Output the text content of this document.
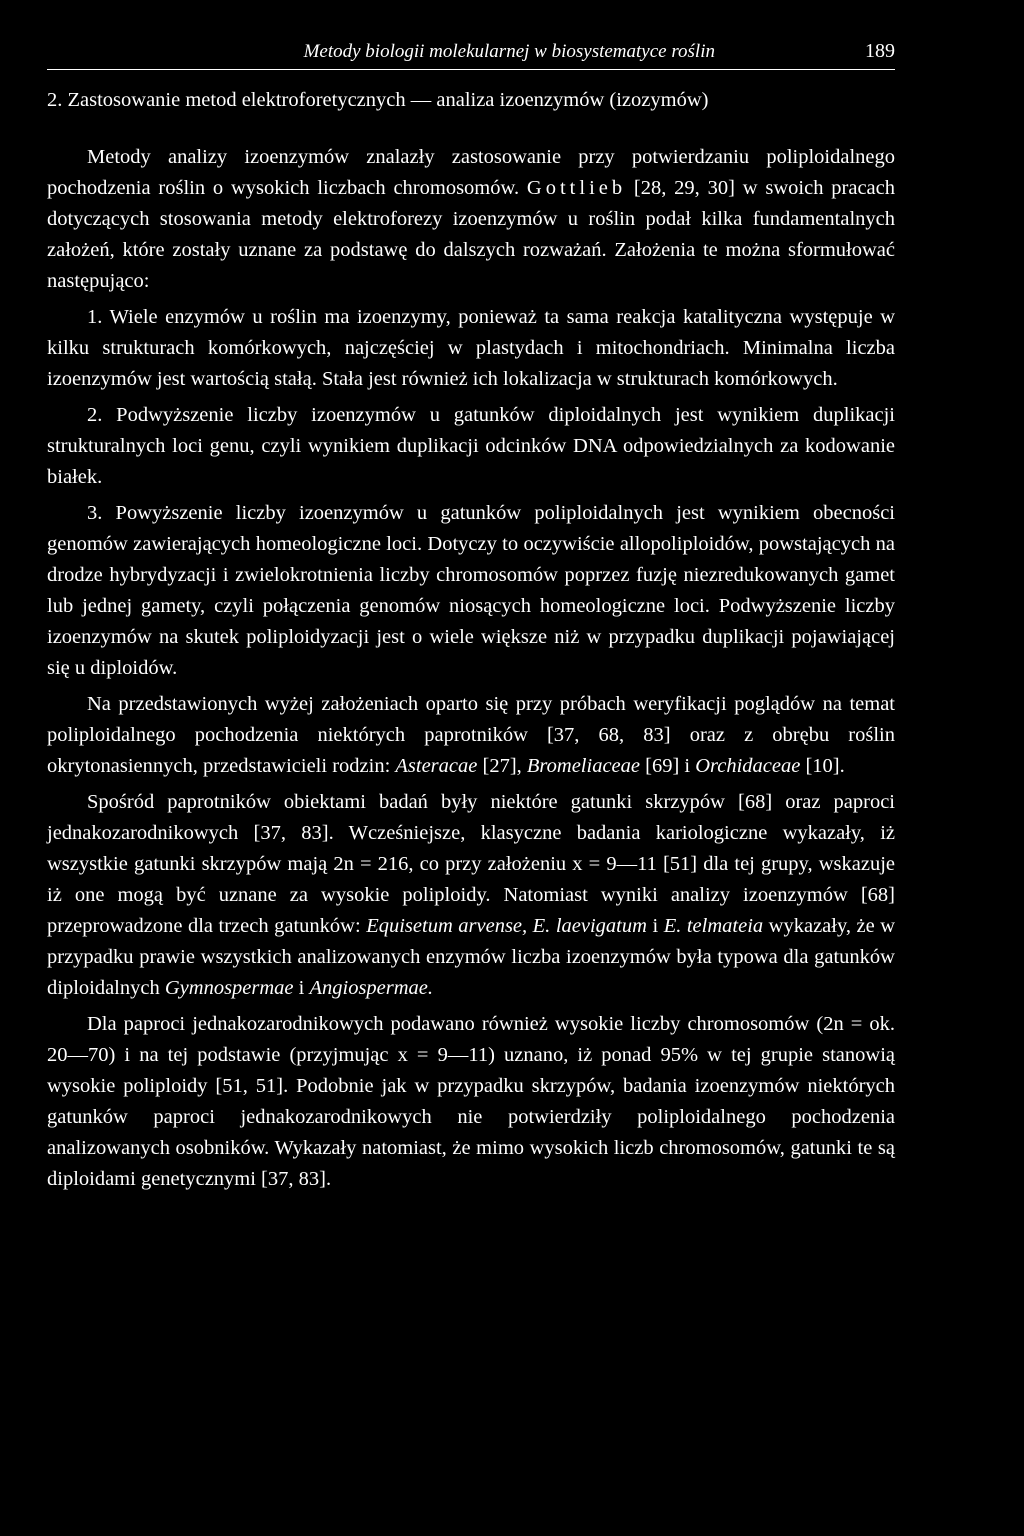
Metody biologii molekularnej w biosystematyce roślin	189
2. Zastosowanie metod elektroforetycznych — analiza izoenzymów (izozymów)

Metody analizy izoenzymów znalazły zastosowanie przy potwierdzaniu poliploidalnego pochodzenia roślin o wysokich liczbach chromosomów. Gottlieb [28, 29, 30] w swoich pracach dotyczących stosowania metody elektroforezy izoenzymów u roślin podał kilka fundamentalnych założeń, które zostały uznane za podstawę do dalszych rozważań. Założenia te można sformułować następująco:

1. Wiele enzymów u roślin ma izoenzymy, ponieważ ta sama reakcja katalityczna występuje w kilku strukturach komórkowych, najczęściej w plastydach i mitochondriach. Minimalna liczba izoenzymów jest wartością stałą. Stała jest również ich lokalizacja w strukturach komórkowych.

2. Podwyższenie liczby izoenzymów u gatunków diploidalnych jest wynikiem duplikacji strukturalnych loci genu, czyli wynikiem duplikacji odcinków DNA odpowiedzialnych za kodowanie białek.

3. Powyższenie liczby izoenzymów u gatunków poliploidalnych jest wynikiem obecności genomów zawierających homeologiczne loci. Dotyczy to oczywiście allopoliploidów, powstających na drodze hybrydyzacji i zwielokrotnienia liczby chromosomów poprzez fuzję niezredukowanych gamet lub jednej gamety, czyli połączenia genomów niosących homeologiczne loci. Podwyższenie liczby izoenzymów na skutek poliploidyzacji jest o wiele większe niż w przypadku duplikacji pojawiającej się u diploidów.

Na przedstawionych wyżej założeniach oparto się przy próbach weryfikacji poglądów na temat poliploidalnego pochodzenia niektórych paprotników [37, 68, 83] oraz z obrębu roślin okrytonasiennych, przedstawicieli rodzin: Asteracae [27], Bromeliaceae [69] i Orchidaceae [10].

Spośród paprotników obiektami badań były niektóre gatunki skrzypów [68] oraz paproci jednakozarodnikowych [37, 83]. Wcześniejsze, klasyczne badania kariologiczne wykazały, iż wszystkie gatunki skrzypów mają 2n = 216, co przy założeniu x = 9—11 [51] dla tej grupy, wskazuje iż one mogą być uznane za wysokie poliploidy. Natomiast wyniki analizy izoenzymów [68] przeprowadzone dla trzech gatunków: Equisetum arvense, E. laevigatum i E. telmateia wykazały, że w przypadku prawie wszystkich analizowanych enzymów liczba izoenzymów była typowa dla gatunków diploidalnych Gymnospermae i Angiospermae.

Dla paproci jednakozarodnikowych podawano również wysokie liczby chromosomów (2n = ok. 20—70) i na tej podstawie (przyjmując x = 9—11) uznano, iż ponad 95% w tej grupie stanowią wysokie poliploidy [51, 51]. Podobnie jak w przypadku skrzypów, badania izoenzymów niektórych gatunków paproci jednakozarodnikowych nie potwierdziły poliploidalnego pochodzenia analizowanych osobników. Wykazały natomiast, że mimo wysokich liczb chromosomów, gatunki te są diploidami genetycznymi [37, 83].
